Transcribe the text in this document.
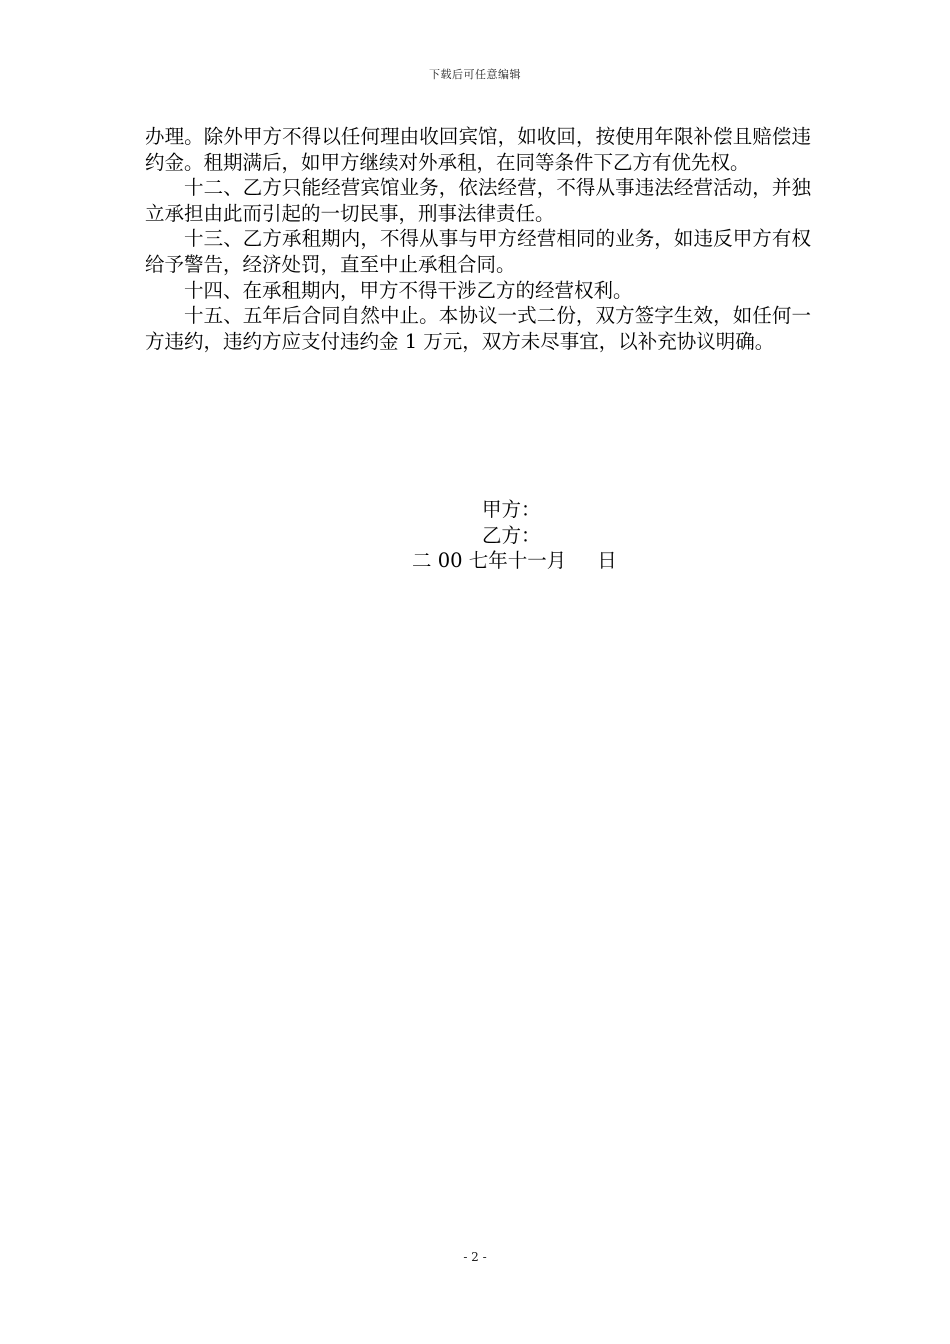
下载后可任意编辑

办理。除外甲方不得以任何理由收回宾馆，如收回，按使用年限补偿且赔偿违约金。租期满后，如甲方继续对外承租，在同等条件下乙方有优先权。

十二、乙方只能经营宾馆业务，依法经营，不得从事违法经营活动，并独立承担由此而引起的一切民事，刑事法律责任。

十三、乙方承租期内，不得从事与甲方经营相同的业务，如违反甲方有权给予警告，经济处罚，直至中止承租合同。

十四、在承租期内，甲方不得干涉乙方的经营权利。

十五、五年后合同自然中止。本协议一式二份，双方签字生效，如任何一方违约，违约方应支付违约金 1 万元，双方未尽事宜，以补充协议明确。

甲方：
乙方：
二 00 七年十一月     日
- 2 -
